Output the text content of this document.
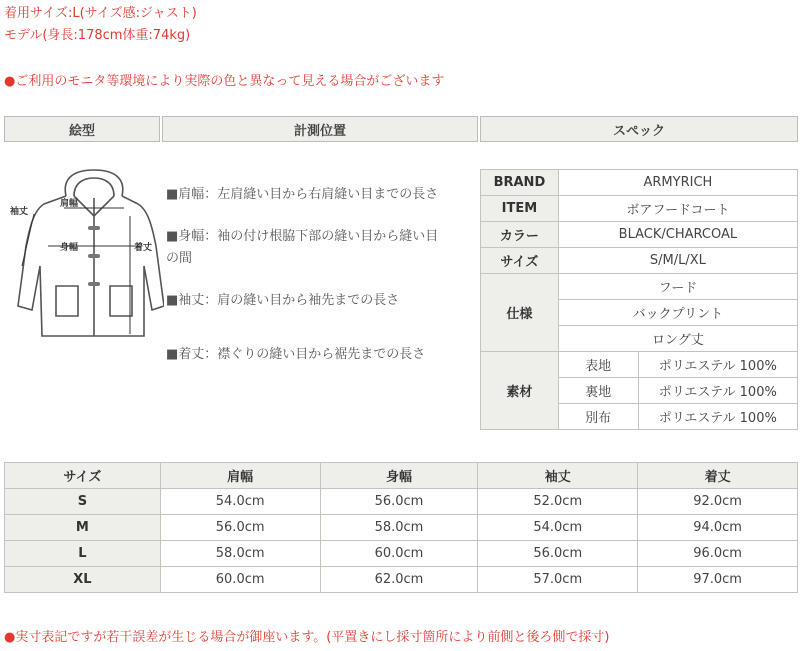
着用サイズ:L(サイズ感:ジャスト)
モデル(身長:178cm体重:74kg)
●ご利用のモニタ等環境により実際の色と異なって見える場合がございます
絵型	計測位置	スペック
袖丈
肩幅
身幅	着丈
■肩幅：左肩縫い目から右肩縫い目までの長さ
■身幅：袖の付け根脇下部の縫い目から縫い目
の間
■袖丈：肩の縫い目から袖先までの長さ
■着丈：襟ぐりの縫い目から裾先までの長さ
BRAND	ARMYRICH	
ITEM	ボアフードコート	
カラー	BLACK/CHARCOAL	
サイズ	S/M/L/XL	
仕様	フード	
	バックプリント	
	ロング丈	
素材	表地	ポリエステル 100%
	裏地	ポリエステル 100%
	別布	ポリエステル 100%
サイズ	肩幅	身幅	袖丈	着丈
S	54.0cm	56.0cm	52.0cm	92.0cm
M	56.0cm	58.0cm	54.0cm	94.0cm
L	58.0cm	60.0cm	56.0cm	96.0cm
XL	60.0cm	62.0cm	57.0cm	97.0cm
●実寸表記ですが若干誤差が生じる場合が御座います。(平置きにし採寸箇所により前側と後ろ側で採寸)
